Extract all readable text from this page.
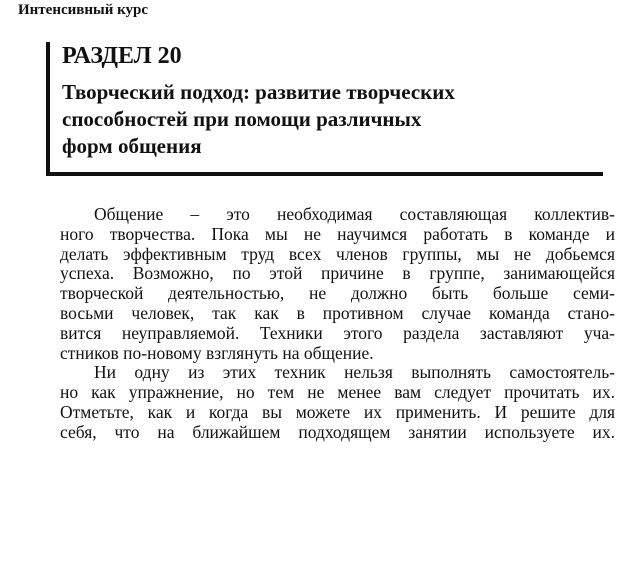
Интенсивный курс
РАЗДЕЛ 20
Творческий подход: развитие творческих
способностей при помощи различных
форм общения

Общение – это необходимая составляющая коллектив-
ного творчества. Пока мы не научимся работать в команде и
делать эффективным труд всех членов группы, мы не добьемся
успеха. Возможно, по этой причине в группе, занимающейся
творческой деятельностью, не должно быть больше семи-
восьми человек, так как в противном случае команда стано-
вится неуправляемой. Техники этого раздела заставляют уча-
стников по-новому взглянуть на общение.

Ни одну из этих техник нельзя выполнять самостоятель-
но как упражнение, но тем не менее вам следует прочитать их.
Отметьте, как и когда вы можете их применить. И решите для
себя, что на ближайшем подходящем занятии используете их.
